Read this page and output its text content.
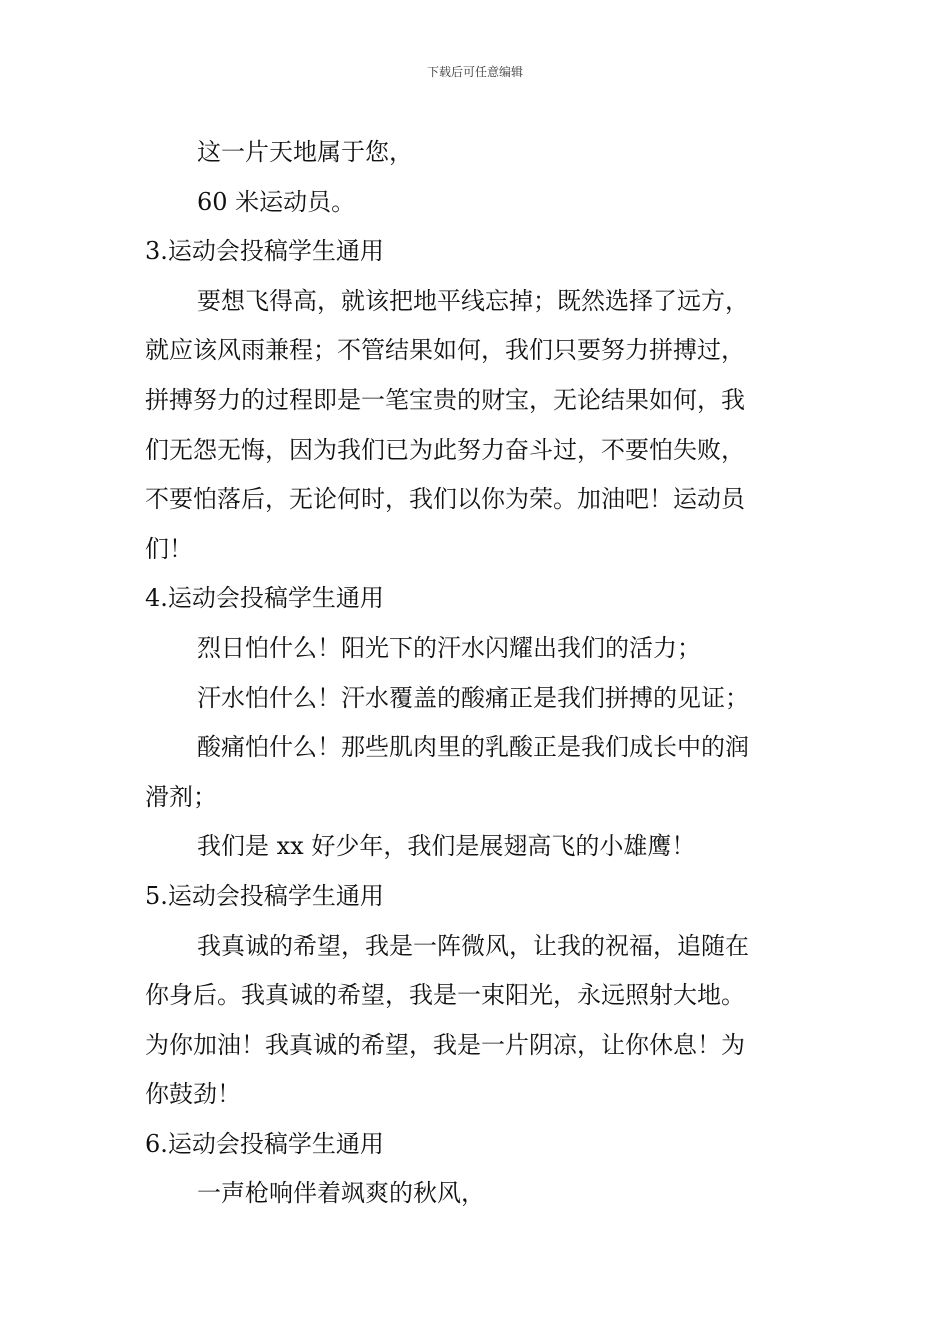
下载后可任意编辑
这一片天地属于您，
60 米运动员。
3.运动会投稿学生通用
要想飞得高，就该把地平线忘掉；既然选择了远方，
就应该风雨兼程；不管结果如何，我们只要努力拼搏过，
拼搏努力的过程即是一笔宝贵的财宝，无论结果如何，我
们无怨无悔，因为我们已为此努力奋斗过，不要怕失败，
不要怕落后，无论何时，我们以你为荣。加油吧！运动员
们！
4.运动会投稿学生通用
烈日怕什么！阳光下的汗水闪耀出我们的活力；
汗水怕什么！汗水覆盖的酸痛正是我们拼搏的见证；
酸痛怕什么！那些肌肉里的乳酸正是我们成长中的润
滑剂；
我们是 xx 好少年，我们是展翅高飞的小雄鹰！
5.运动会投稿学生通用
我真诚的希望，我是一阵微风，让我的祝福，追随在
你身后。我真诚的希望，我是一束阳光，永远照射大地。
为你加油！我真诚的希望，我是一片阴凉，让你休息！为
你鼓劲！
6.运动会投稿学生通用
一声枪响伴着飒爽的秋风，
